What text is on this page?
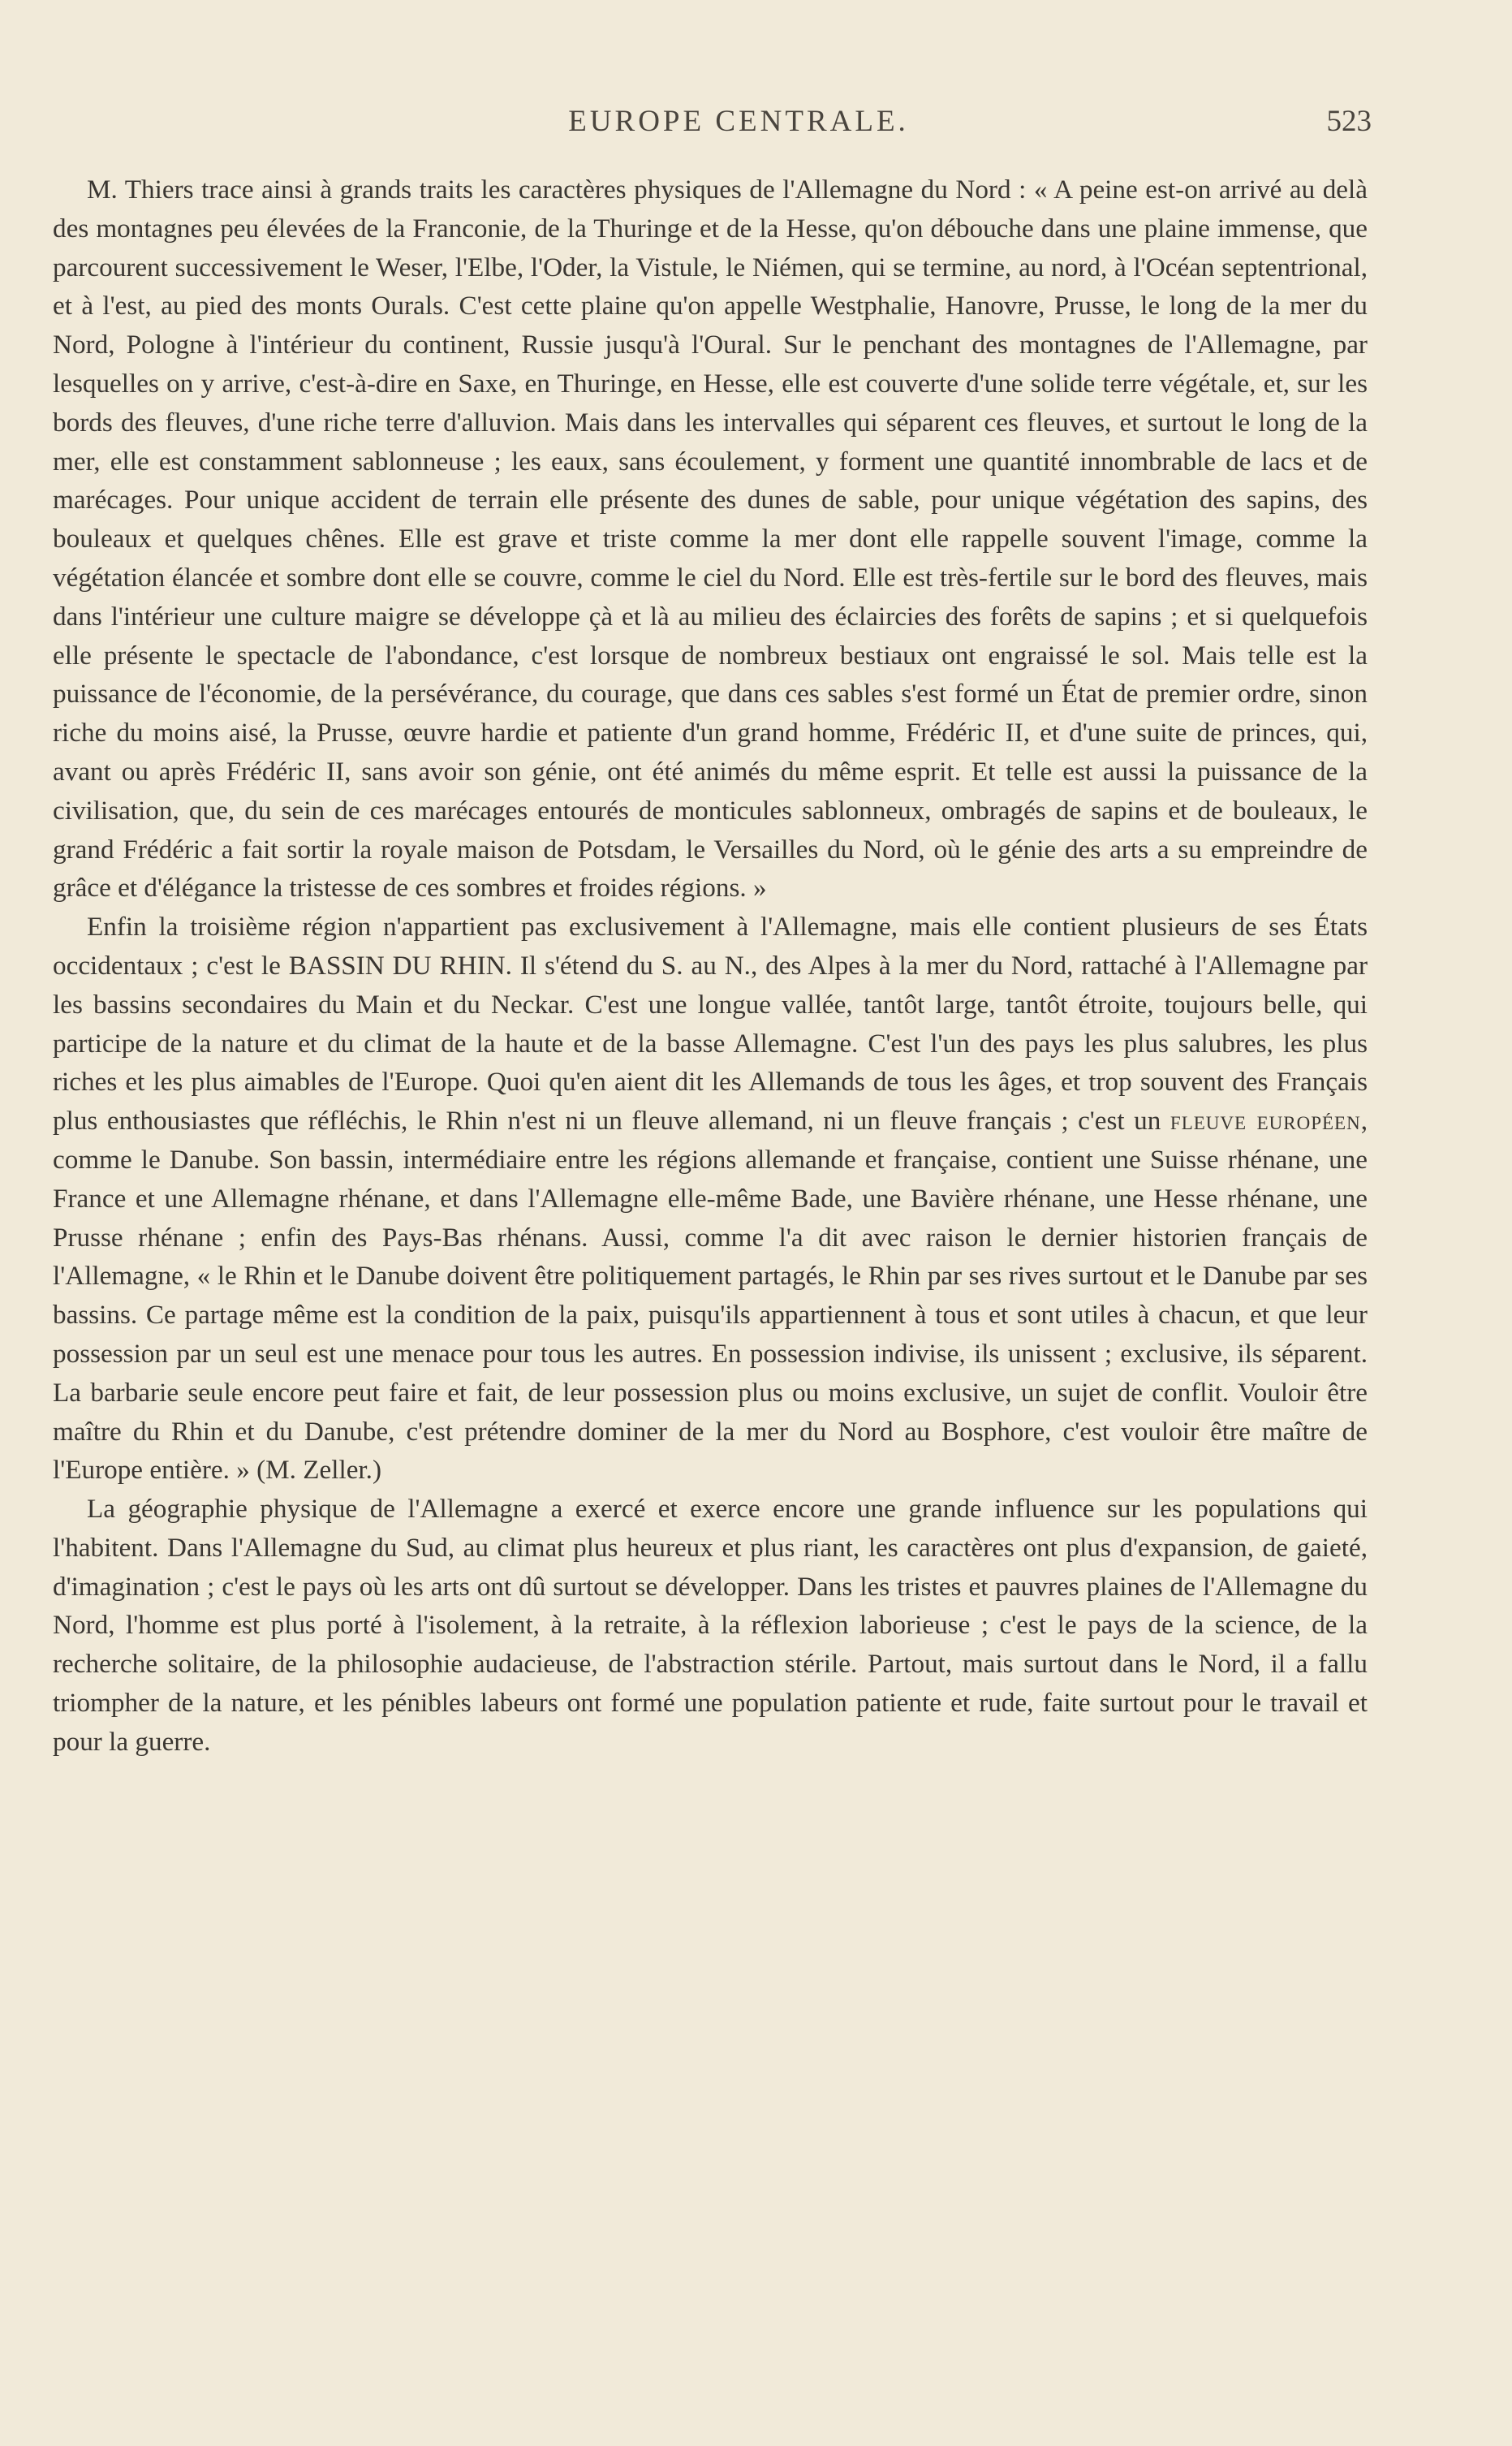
EUROPE CENTRALE.	523

M. Thiers trace ainsi à grands traits les caractères physiques de l'Allemagne du Nord : « A peine est-on arrivé au delà des montagnes peu élevées de la Franconie, de la Thuringe et de la Hesse, qu'on débouche dans une plaine immense, que parcourent successivement le Weser, l'Elbe, l'Oder, la Vistule, le Niémen, qui se termine, au nord, à l'Océan septentrional, et à l'est, au pied des monts Ourals. C'est cette plaine qu'on appelle Westphalie, Hanovre, Prusse, le long de la mer du Nord, Pologne à l'intérieur du continent, Russie jusqu'à l'Oural. Sur le penchant des montagnes de l'Allemagne, par lesquelles on y arrive, c'est-à-dire en Saxe, en Thuringe, en Hesse, elle est couverte d'une solide terre végétale, et, sur les bords des fleuves, d'une riche terre d'alluvion. Mais dans les intervalles qui séparent ces fleuves, et surtout le long de la mer, elle est constamment sablonneuse ; les eaux, sans écoulement, y forment une quantité innombrable de lacs et de marécages. Pour unique accident de terrain elle présente des dunes de sable, pour unique végétation des sapins, des bouleaux et quelques chênes. Elle est grave et triste comme la mer dont elle rappelle souvent l'image, comme la végétation élancée et sombre dont elle se couvre, comme le ciel du Nord. Elle est très-fertile sur le bord des fleuves, mais dans l'intérieur une culture maigre se développe çà et là au milieu des éclaircies des forêts de sapins ; et si quelquefois elle présente le spectacle de l'abondance, c'est lorsque de nombreux bestiaux ont engraissé le sol. Mais telle est la puissance de l'économie, de la persévérance, du courage, que dans ces sables s'est formé un État de premier ordre, sinon riche du moins aisé, la Prusse, œuvre hardie et patiente d'un grand homme, Frédéric II, et d'une suite de princes, qui, avant ou après Frédéric II, sans avoir son génie, ont été animés du même esprit. Et telle est aussi la puissance de la civilisation, que, du sein de ces marécages entourés de monticules sablonneux, ombragés de sapins et de bouleaux, le grand Frédéric a fait sortir la royale maison de Potsdam, le Versailles du Nord, où le génie des arts a su empreindre de grâce et d'élégance la tristesse de ces sombres et froides régions. »

Enfin la troisième région n'appartient pas exclusivement à l'Allemagne, mais elle contient plusieurs de ses États occidentaux ; c'est le BASSIN DU RHIN. Il s'étend du S. au N., des Alpes à la mer du Nord, rattaché à l'Allemagne par les bassins secondaires du Main et du Neckar. C'est une longue vallée, tantôt large, tantôt étroite, toujours belle, qui participe de la nature et du climat de la haute et de la basse Allemagne. C'est l'un des pays les plus salubres, les plus riches et les plus aimables de l'Europe. Quoi qu'en aient dit les Allemands de tous les âges, et trop souvent des Français plus enthousiastes que réfléchis, le Rhin n'est ni un fleuve allemand, ni un fleuve français ; c'est un fleuve européen, comme le Danube. Son bassin, intermédiaire entre les régions allemande et française, contient une Suisse rhénane, une France et une Allemagne rhénane, et dans l'Allemagne elle-même Bade, une Bavière rhénane, une Hesse rhénane, une Prusse rhénane ; enfin des Pays-Bas rhénans. Aussi, comme l'a dit avec raison le dernier historien français de l'Allemagne, « le Rhin et le Danube doivent être politiquement partagés, le Rhin par ses rives surtout et le Danube par ses bassins. Ce partage même est la condition de la paix, puisqu'ils appartiennent à tous et sont utiles à chacun, et que leur possession par un seul est une menace pour tous les autres. En possession indivise, ils unissent ; exclusive, ils séparent. La barbarie seule encore peut faire et fait, de leur possession plus ou moins exclusive, un sujet de conflit. Vouloir être maître du Rhin et du Danube, c'est prétendre dominer de la mer du Nord au Bosphore, c'est vouloir être maître de l'Europe entière. » (M. Zeller.)

La géographie physique de l'Allemagne a exercé et exerce encore une grande influence sur les populations qui l'habitent. Dans l'Allemagne du Sud, au climat plus heureux et plus riant, les caractères ont plus d'expansion, de gaieté, d'imagination ; c'est le pays où les arts ont dû surtout se développer. Dans les tristes et pauvres plaines de l'Allemagne du Nord, l'homme est plus porté à l'isolement, à la retraite, à la réflexion laborieuse ; c'est le pays de la science, de la recherche solitaire, de la philosophie audacieuse, de l'abstraction stérile. Partout, mais surtout dans le Nord, il a fallu triompher de la nature, et les pénibles labeurs ont formé une population patiente et rude, faite surtout pour le travail et pour la guerre.
